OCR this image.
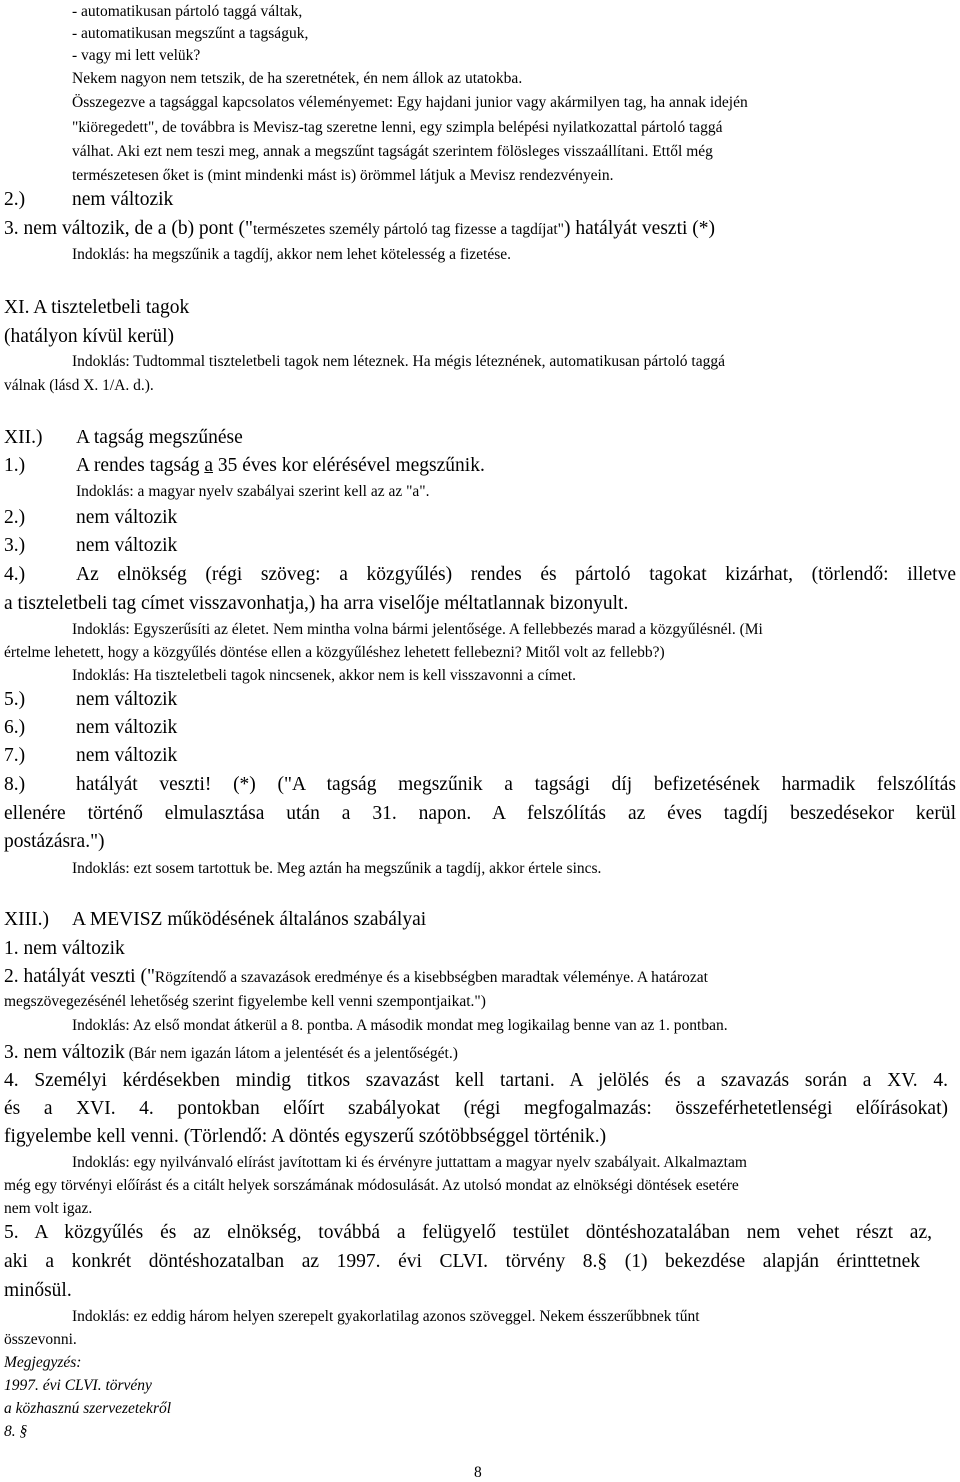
- automatikusan pártoló taggá váltak,
- automatikusan megszűnt a tagságuk,
- vagy mi lett velük?
Nekem nagyon nem tetszik, de ha szeretnétek, én nem állok az utatokba.
Összegezve a tagsággal kapcsolatos véleményemet: Egy hajdani junior vagy akármilyen tag, ha annak idején
"kiöregedett", de továbbra is Mevisz-tag szeretne lenni, egy szimpla belépési nyilatkozattal pártoló taggá
válhat. Aki ezt nem teszi meg, annak a megszűnt tagságát szerintem fölösleges visszaállítani. Ettől még
természetesen őket is (mint mindenki mást is) örömmel látjuk a Mevisz rendezvényein.
2.) nem változik
3. nem változik, de a (b) pont ("természetes személy pártoló tag fizesse a tagdíjat") hatályát veszti (*)
Indoklás: ha megszűnik a tagdíj, akkor nem lehet kötelesség a fizetése.
XI. A tiszteletbeli tagok
(hatályon kívül kerül)
Indoklás: Tudtommal tiszteletbeli tagok nem léteznek. Ha mégis léteznének, automatikusan pártoló taggá
válnak (lásd X. 1/A. d.).
XII.) A tagság megszűnése
1.)	A rendes tagság a 35 éves kor elérésével megszűnik.
Indoklás: a magyar nyelv szabályai szerint kell az az "a".
2.)	nem változik
3.)	nem változik
4.)	Az elnökség (régi szöveg: a közgyűlés) rendes és pártoló tagokat kizárhat, (törlendő: illetve
a tiszteletbeli tag címet visszavonhatja,) ha arra viselője méltatlannak bizonyult.
Indoklás: Egyszerűsíti az életet. Nem mintha volna bármi jelentősége. A fellebbezés marad a közgyűlésnél. (Mi
értelme lehetett, hogy a közgyűlés döntése ellen a közgyűléshez lehetett fellebezni? Mitől volt az fellebb?)
Indoklás: Ha tiszteletbeli tagok nincsenek, akkor nem is kell visszavonni a címet.
5.)	nem változik
6.)	nem változik
7.)	nem változik
8.)	hatályát veszti! (*) ("A tagság megszűnik a tagsági díj befizetésének harmadik felszólítás
ellenére történő elmulasztása után a 31. napon. A felszólítás az éves tagdíj beszedésekor kerül
postázásra.")
Indoklás: ezt sosem tartottuk be. Meg aztán ha megszűnik a tagdíj, akkor értele sincs.
XIII.) A MEVISZ működésének általános szabályai
1. nem változik
2. hatályát veszti ("Rögzítendő a szavazások eredménye és a kisebbségben maradtak véleménye. A határozat
megszövegezésénél lehetőség szerint figyelembe kell venni szempontjaikat.")
Indoklás: Az első mondat átkerül a 8. pontba. A második mondat meg logikailag benne van az 1. pontban.
3. nem változik (Bár nem igazán látom a jelentését és a jelentőségét.)
4. Személyi kérdésekben mindig titkos szavazást kell tartani. A jelölés és a szavazás során a XV. 4.
és a XVI. 4. pontokban előírt szabályokat (régi megfogalmazás: összeférhetetlenségi előírásokat)
figyelembe kell venni. (Törlendő: A döntés egyszerű szótöbbséggel történik.)
Indoklás: egy nyilvánvaló elírást javítottam ki és érvényre juttattam a magyar nyelv szabályait. Alkalmaztam
még egy törvényi előírást és a citált helyek sorszámának módosulását. Az utolsó mondat az elnökségi döntések esetére
nem volt igaz.
5. A közgyűlés és az elnökség, továbbá a felügyelő testület döntéshozatalában nem vehet részt az,
aki a konkrét döntéshozatalban az 1997. évi CLVI. törvény 8.§ (1) bekezdése alapján érinttetnek
minősül.
Indoklás: ez eddig három helyen szerepelt gyakorlatilag azonos szöveggel. Nekem ésszerűbbnek tűnt
összevonni.
Megjegyzés:
1997. évi CLVI. törvény
a közhasznú szervezetekről
8. §
8
